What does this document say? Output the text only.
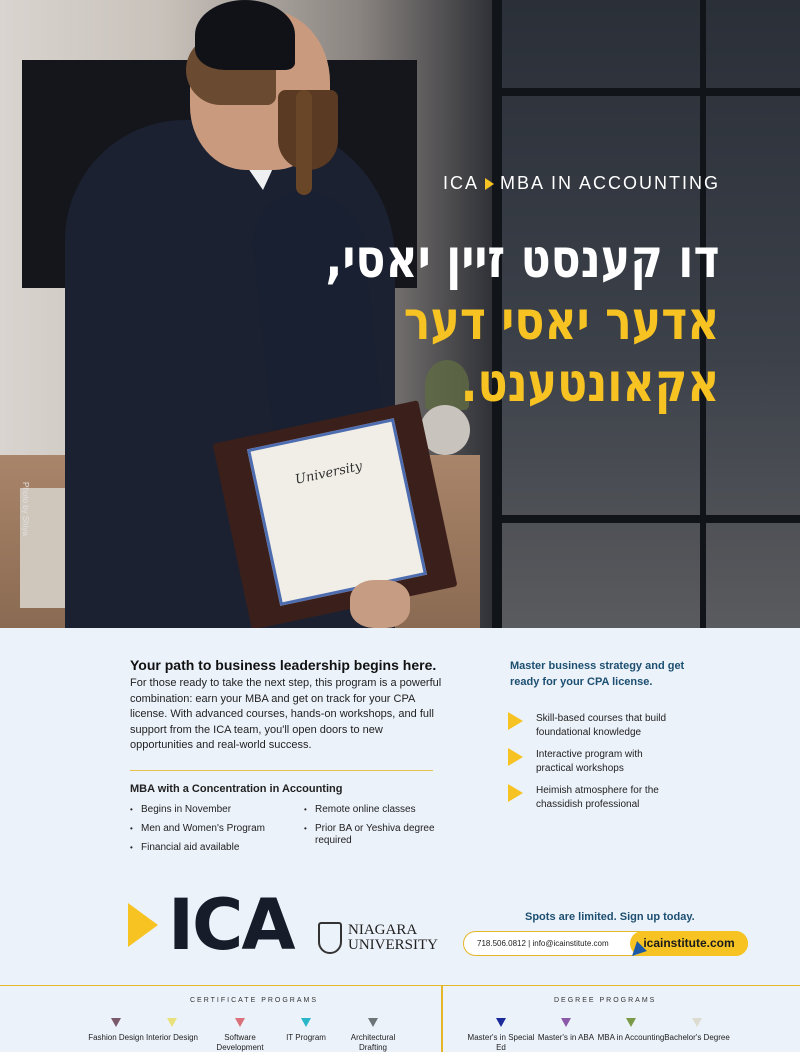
University
Photo by Shiya
ICA MBA IN ACCOUNTING
דו קענסט זיין יאסי,
אדער יאסי דער
אקאונטענט.
Your path to business leadership begins here.
For those ready to take the next step, this program is a powerful combination: earn your MBA and get on track for your CPA license. With advanced courses, hands-on workshops, and full support from the ICA team, you'll open doors to new opportunities and real-world success.
MBA with a Concentration in Accounting
• Begins in November
• Men and Women's Program
• Financial aid available
• Remote online classes
• Prior BA or Yeshiva degree required
Master business strategy and get ready for your CPA license.
Skill-based courses that build foundational knowledge
Interactive program with practical workshops
Heimish atmosphere for the chassidish professional
ICA	NIAGARA
UNIVERSITY
Spots are limited. Sign up today.
718.506.0812 | info@icainstitute.com	icainstitute.com
CERTIFICATE PROGRAMS	DEGREE PROGRAMS
Fashion Design Interior Design	Software Development
IT Program	Architectural Drafting
Master's in Special Ed
Master's in ABA MBA in Accounting Bachelor's Degree
